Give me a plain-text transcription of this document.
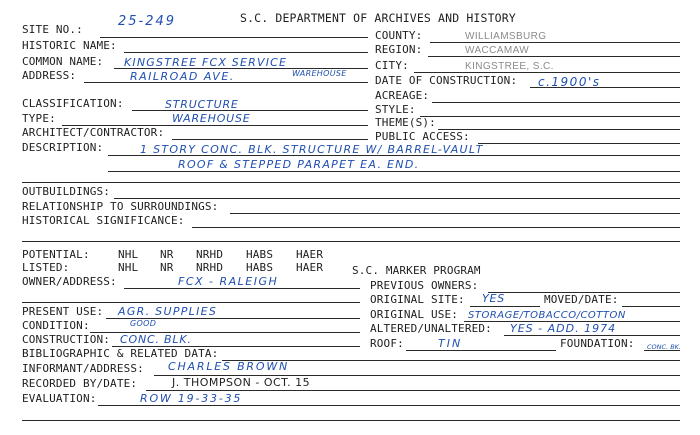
S.C. DEPARTMENT OF ARCHIVES AND HISTORY
SITE NO.:
25-249
HISTORIC NAME:
COMMON NAME: KINGSTREE FCX SERVICE
ADDRESS:	RAILROAD AVE.	WAREHOUSE
COUNTY:	WILLIAMSBURG
REGION:	WACCAMAW
CITY:	KINGSTREE, S.C.
DATE OF CONSTRUCTION: c.1900's
ACREAGE:
CLASSIFICATION:	STRUCTURE	STYLE:
TYPE:	WAREHOUSE	THEME(S):
ARCHITECT/CONTRACTOR:	PUBLIC ACCESS:
DESCRIPTION:	1 STORY CONC. BLK. STRUCTURE W/ BARREL-VAULT
ROOF & STEPPED PARAPET EA. END.
OUTBUILDINGS:
RELATIONSHIP TO SURROUNDINGS:
HISTORICAL SIGNIFICANCE:
POTENTIAL:	NHL NR NRHD HABS HAER
LISTED:	NHL NR NRHD HABS HAER	S.C. MARKER PROGRAM
OWNER/ADDRESS:	FCX - RALEIGH	PREVIOUS OWNERS:
ORIGINAL SITE: YES	MOVED/DATE:
PRESENT USE: AGR. SUPPLIES	ORIGINAL USE: STORAGE/TOBACCO/COTTON
CONDITION:	GOOD	ALTERED/UNALTERED: YES - ADD. 1974
CONSTRUCTION: CONC. BLK.	ROOF:	TIN	FOUNDATION: CONC. BK.
BIBLIOGRAPHIC & RELATED DATA:
INFORMANT/ADDRESS: CHARLES BROWN
RECORDED BY/DATE:	J. THOMPSON - OCT. 15
EVALUATION:	ROW 19-33-35
